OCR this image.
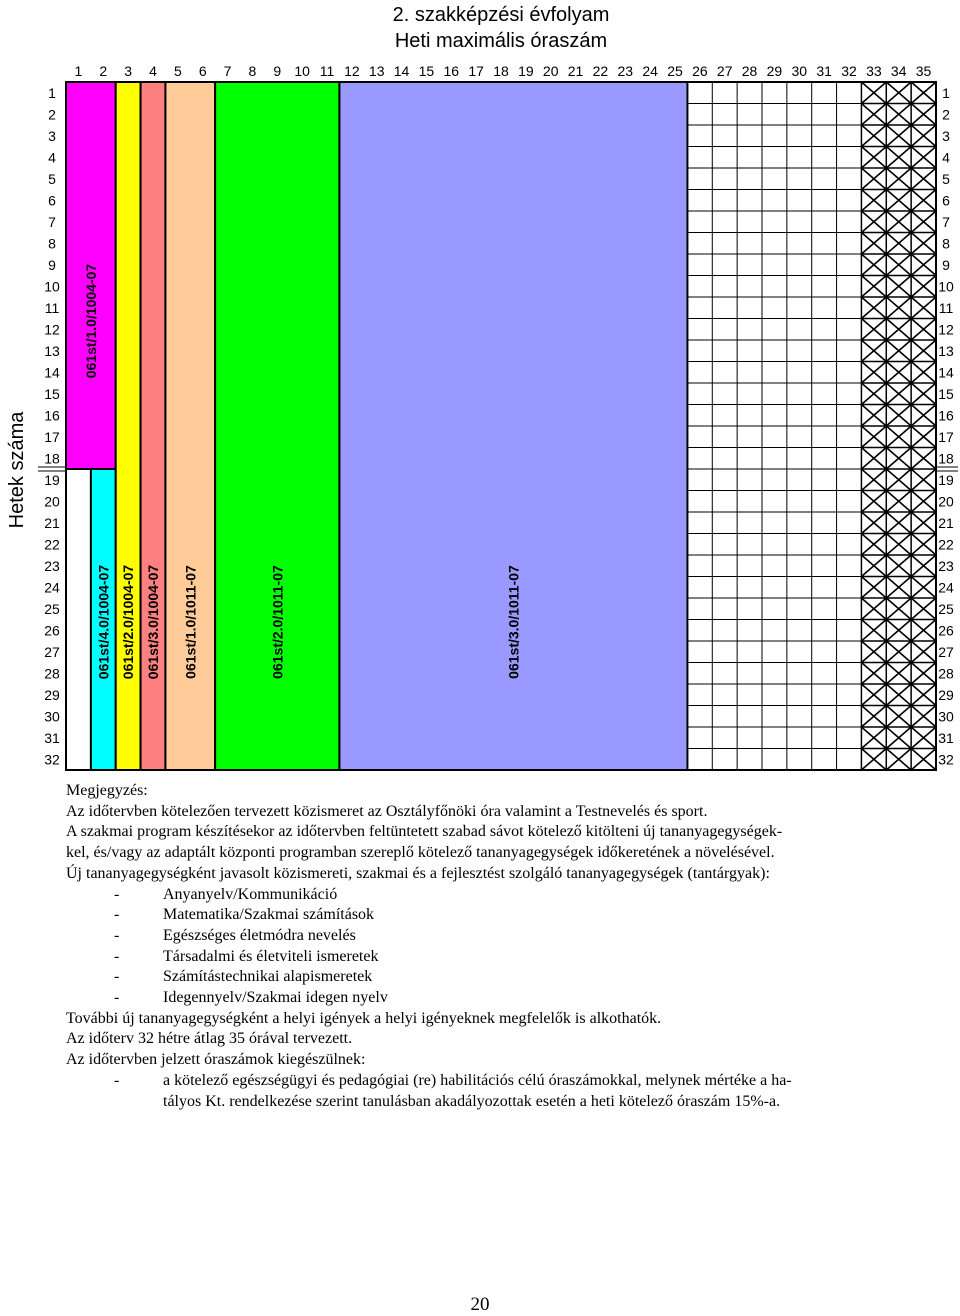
2. szakképzési évfolyam
Heti maximális óraszám
Hetek száma
061st/1.0/1004-07
061st/4.0/1004-07 061st/2.0/1004-07 061st/3.0/1004-07 061st/1.0/1011-07	061st/2.0/1011-07	061st/3.0/1011-07
1 2 3 4 5 6 7 8 9 10 11 12 13 14 15 16 17 18 19 20 21 22 23 24 25 26 27 28 29 30 31 32 33 34 35
1	1
2	2
3	3
4	4
5	5
6	6
7	7
8	8
9	9
10	10
11	11
12	12
13	13
14	14
15	15
16	16
17	17
18	18
19	19
20	20
21	21
22	22
23	23
24	24
25	25
26	26
27	27
28	28
29	29
30	30
31	31
32	32

Megjegyzés:

Az időtervben kötelezően tervezett közismeret az Osztályfőnöki óra valamint a Testnevelés és sport.

A szakmai program készítésekor az időtervben feltüntetett szabad sávot kötelező kitölteni új tananyagegységek-

kel, és/vagy az adaptált központi programban szereplő kötelező tananyagegységek időkeretének a növelésével.

Új tananyagegységként javasolt közismereti, szakmai és a fejlesztést szolgáló tananyagegységek (tantárgyak):

-	Anyanyelv/Kommunikáció
-	Matematika/Szakmai számítások
-	Egészséges életmódra nevelés
-	Társadalmi és életviteli ismeretek
-	Számítástechnikai alapismeretek
-	Idegennyelv/Szakmai idegen nyelv

További új tananyagegységként a helyi igények a helyi igényeknek megfelelők is alkothatók.

Az időterv 32 hétre átlag 35 órával tervezett.

Az időtervben jelzett óraszámok kiegészülnek:

-	a kötelező egészségügyi és pedagógiai (re) habilitációs célú óraszámokkal, melynek mértéke a ha-
tályos Kt. rendelkezése szerint tanulásban akadályozottak esetén a heti kötelező óraszám 15%-a.
20
